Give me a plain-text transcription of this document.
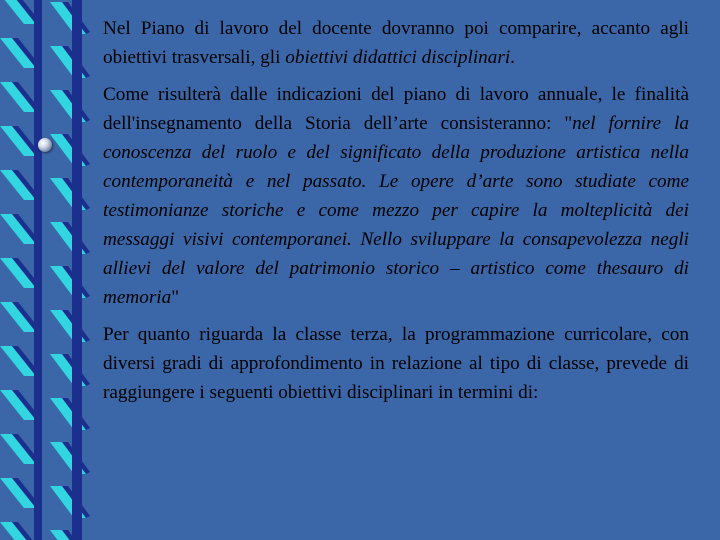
Nel Piano di lavoro del docente dovranno poi comparire, accanto agli obiettivi trasversali, gli obiettivi didattici disciplinari.

Come risulterà dalle indicazioni del piano di lavoro annuale, le finalità dell'insegnamento della Storia dell’arte consisteranno: "nel fornire la conoscenza del ruolo e del significato della produzione artistica nella contemporaneità e nel passato. Le opere d’arte sono studiate come testimonianze storiche e come mezzo per capire la molteplicità dei messaggi visivi contemporanei. Nello sviluppare la consapevolezza negli allievi del valore del patrimonio storico – artistico come thesauro di memoria"

Per quanto riguarda la classe terza, la programmazione curricolare, con diversi gradi di approfondimento in relazione al tipo di classe, prevede di raggiungere i seguenti obiettivi disciplinari in termini di:
